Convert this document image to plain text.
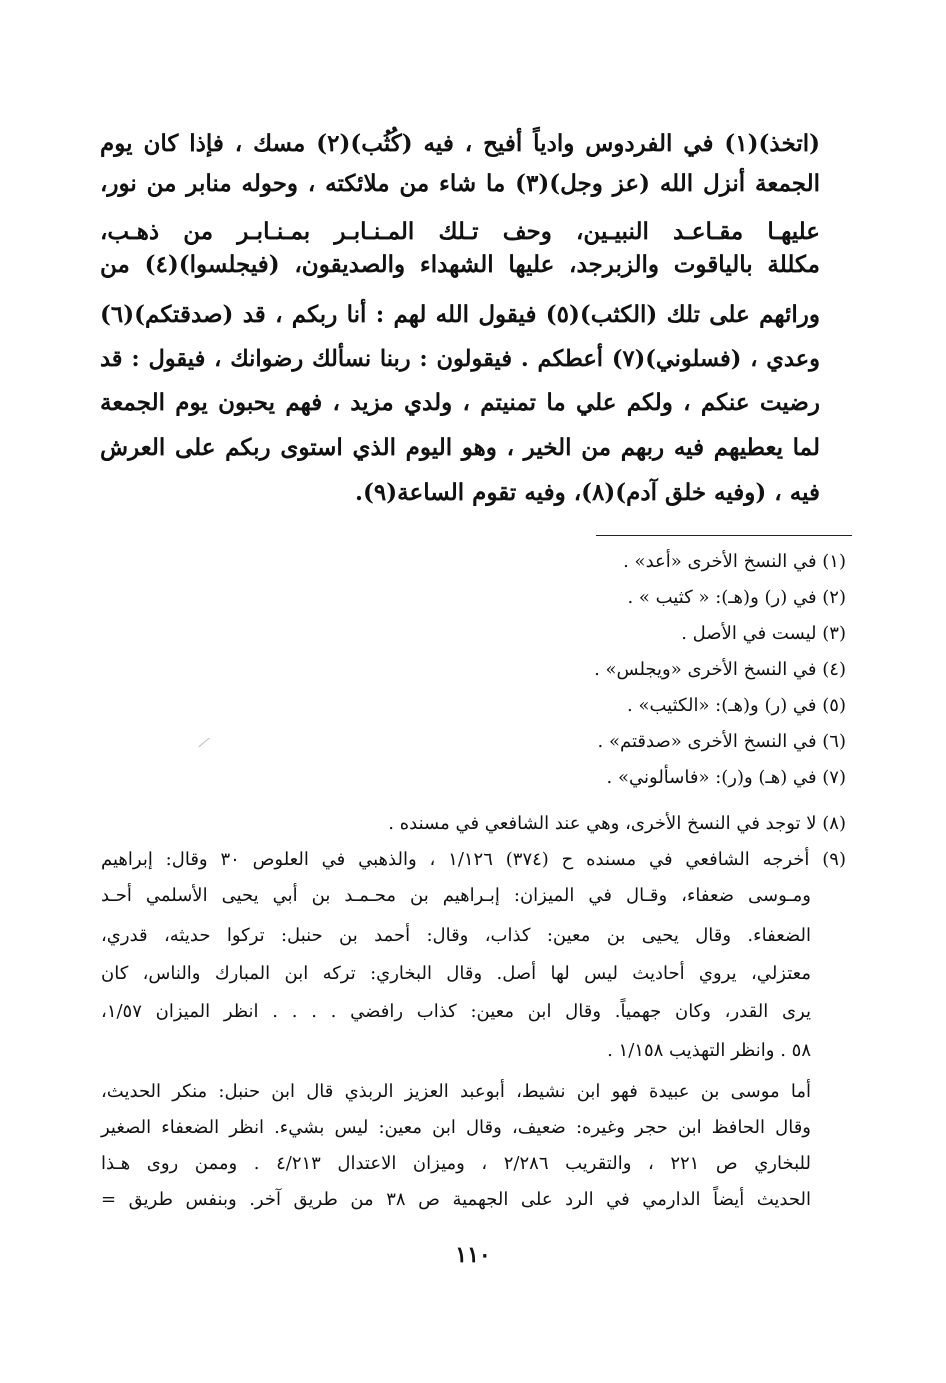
(اتخذ)(١) في الفردوس وادياً أفيح ، فيه (كُثُب)(٢) مسك ، فإذا كان يوم
الجمعة أنزل الله (عز وجل)(٣) ما شاء من ملائكته ، وحوله منابر من نور،
عليهـا مقـاعـد النبيـين، وحف تـلك المـنـابـر بمـنـابـر من ذهـب،
مكللة بالياقوت والزبرجد، عليها الشهداء والصديقون، (فيجلسوا)(٤) من
ورائهم على تلك (الكثب)(٥) فيقول الله لهم : أنا ربكم ، قد (صدقتكم)(٦)
وعدي ، (فسلوني)(٧) أعطكم . فيقولون : ربنا نسألك رضوانك ، فيقول : قد
رضيت عنكم ، ولكم علي ما تمنيتم ، ولدي مزيد ، فهم يحبون يوم الجمعة
لما يعطيهم فيه ربهم من الخير ، وهو اليوم الذي استوى ربكم على العرش
فيه ، (وفيه خلق آدم)(٨)، وفيه تقوم الساعة(٩).
(١) في النسخ الأخرى «أعد» .
(٢) في (ر) و(هـ): « كثيب » .
(٣) ليست في الأصل .
(٤) في النسخ الأخرى «ويجلس» .
(٥) في (ر) و(هـ): «الكثيب» .
(٦) في النسخ الأخرى «صدقتم» .
(٧) في (هـ) و(ر): «فاسألوني» .
(٨) لا توجد في النسخ الأخرى، وهي عند الشافعي في مسنده .
(٩) أخرجه الشافعي في مسنده ح (٣٧٤) ١/١٢٦ ، والذهبي في العلوص ٣٠ وقال: إبراهيم
ومـوسى ضعفاء، وقـال في الميزان: إبـراهيم بن محـمـد بن أبي يحيى الأسلمي أحـد
الضعفاء. وقال يحيى بن معين: كذاب، وقال: أحمد بن حنبل: تركوا حديثه، قدري،
معتزلي، يروي أحاديث ليس لها أصل. وقال البخاري: تركه ابن المبارك والناس، كان
يرى القدر، وكان جهمياً. وقال ابن معين: كذاب رافضي . . . . انظر الميزان ١/٥٧،
٥٨ . وانظر التهذيب ١/١٥٨ .
أما موسى بن عبيدة فهو ابن نشيط، أبوعبد العزيز الربذي قال ابن حنبل: منكر الحديث،
وقال الحافظ ابن حجر وغيره: ضعيف، وقال ابن معين: ليس بشيء. انظر الضعفاء الصغير
للبخاري ص ٢٢١ ، والتقريب ٢/٢٨٦ ، وميزان الاعتدال ٤/٢١٣ . وممن روى هـذا
الحديث أيضاً الدارمي في الرد على الجهمية ص ٣٨ من طريق آخر. وبنفس طريق =
١١٠
